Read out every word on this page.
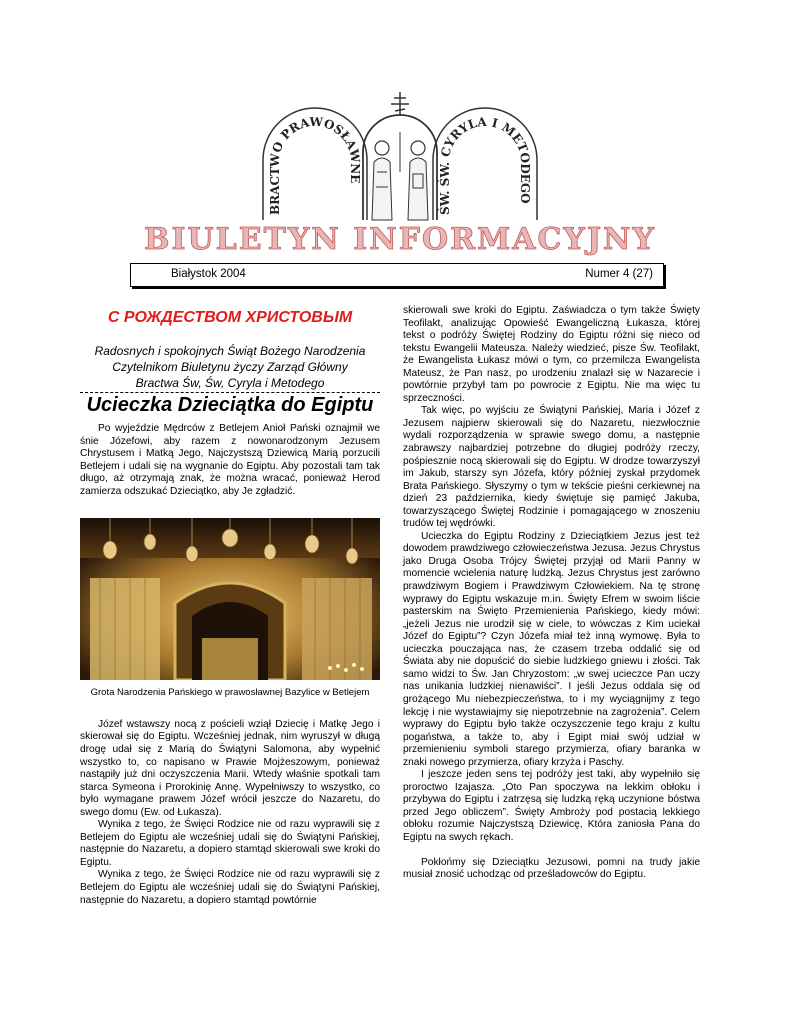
BRACTWO PRAWOSŁAWNE
ŚW. ŚW. CYRYLA I METODEGO
BIULETYN INFORMACYJNY
Białystok 2004	Numer 4 (27)
С РОЖДЕСТВОМ ХРИСТОВЫМ
Radosnych i spokojnych Świąt Bożego Narodzenia
Czytelnikom Biuletynu życzy Zarząd Główny
Bractwa Św, Św, Cyryla i Metodego
Ucieczka Dzieciątka do Egiptu

Po wyjeździe Mędrców z Betlejem Anioł Pański oznajmił we śnie Józefowi, aby razem z nowonarodzonym Jezusem Chrystusem i Matką Jego, Najczystszą Dziewicą Marią porzucili Betlejem i udali się na wygnanie do Egiptu. Aby pozostali tam tak długo, aż otrzymają znak, że można wracać, ponieważ Herod zamierza odszukać Dzieciątko, aby Je zgładzić.

Grota Narodzenia Pańskiego w prawosławnej Bazylice w Betlejem

Józef wstawszy nocą z pościeli wziął Dziecię i Matkę Jego i skierował się do Egiptu. Wcześniej jednak, nim wyruszył w długą drogę udał się z Marią do Świątyni Salomona, aby wypełnić wszystko to, co napisano w Prawie Mojżeszowym, ponieważ nastąpiły już dni oczyszczenia Marii. Wtedy właśnie spotkali tam starca Symeona i Prorokinię Annę. Wypełniwszy to wszystko, co było wymagane prawem Józef wrócił jeszcze do Nazaretu, do swego domu (Ew. od Łukasza).

Wynika z tego, że Święci Rodzice nie od razu wyprawili się z Betlejem do Egiptu ale wcześniej udali się do Świątyni Pańskiej, następnie do Nazaretu, a dopiero stamtąd skierowali swe kroki do Egiptu.

Wynika z tego, że Święci Rodzice nie od razu wyprawili się z Betlejem do Egiptu ale wcześniej udali się do Świątyni Pańskiej, następnie do Nazaretu, a dopiero stamtąd powtórnie

skierowali swe kroki do Egiptu. Zaświadcza o tym także Święty Teofilakt, analizując Opowieść Ewangeliczną Łukasza, której tekst o podróży Świętej Rodziny do Egiptu różni się nieco od tekstu Ewangelii Mateusza. Należy wiedzieć, pisze Św. Teofilakt, że Ewangelista Łukasz mówi o tym, co przemilcza Ewangelista Mateusz, że Pan nasz, po urodzeniu znalazł się w Nazarecie i powtórnie przybył tam po powrocie z Egiptu. Nie ma więc tu sprzeczności.

Tak więc, po wyjściu ze Świątyni Pańskiej, Maria i Józef z Jezusem najpierw skierowali się do Nazaretu, niezwłocznie wydali rozporządzenia w sprawie swego domu, a następnie zabrawszy najbardziej potrzebne do długiej podróży rzeczy, pośpiesznie nocą skierowali się do Egiptu. W drodze towarzyszył im Jakub, starszy syn Józefa, który później zyskał przydomek Brata Pańskiego. Słyszymy o tym w tekście pieśni cerkiewnej na dzień 23 października, kiedy świętuje się pamięć Jakuba, towarzyszącego Świętej Rodzinie i pomagającego w znoszeniu trudów tej wędrówki.

Ucieczka do Egiptu Rodziny z Dzieciątkiem Jezus jest też dowodem prawdziwego człowieczeństwa Jezusa. Jezus Chrystus jako Druga Osoba Trójcy Świętej przyjął od Marii Panny w momencie wcielenia naturę ludzką. Jezus Chrystus jest zarówno prawdziwym Bogiem i Prawdziwym Człowiekiem. Na tę stronę wyprawy do Egiptu wskazuje m.in. Święty Efrem w swoim liście pasterskim na Święto Przemienienia Pańskiego, kiedy mówi: „jeżeli Jezus nie urodził się w ciele, to wówczas z Kim uciekał Józef do Egiptu”? Czyn Józefa miał też inną wymowę. Była to ucieczka pouczająca nas, że czasem trzeba oddalić się od Świata aby nie dopuścić do siebie ludzkiego gniewu i złości. Tak samo widzi to Św. Jan Chryzostom: „w swej ucieczce Pan uczy nas unikania ludzkiej nienawiści”. I jeśli Jezus oddala się od grożącego Mu niebezpieczeństwa, to i my wyciągnijmy z tego lekcję i nie wystawiajmy się niepotrzebnie na zagrożenia”. Celem wyprawy do Egiptu było także oczyszczenie tego kraju z kultu pogaństwa, a także to, aby i Egipt miał swój udział w przemienieniu symboli starego przymierza, ofiary baranka w znaki nowego przymierza, ofiary krzyża i Paschy.

I jeszcze jeden sens tej podróży jest taki, aby wypełniło się proroctwo Izajasza. „Oto Pan spoczywa na lekkim obłoku i przybywa do Egiptu i zatrzęsą się ludzką ręką uczynione bóstwa przed Jego obliczem”. Święty Ambroży pod postacią lekkiego obłoku rozumie Najczystszą Dziewicę, Która zaniosła Pana do Egiptu na swych rękach.

Pokłońmy się Dzieciątku Jezusowi, pomni na trudy jakie musiał znosić uchodząc od prześladowców do Egiptu.
